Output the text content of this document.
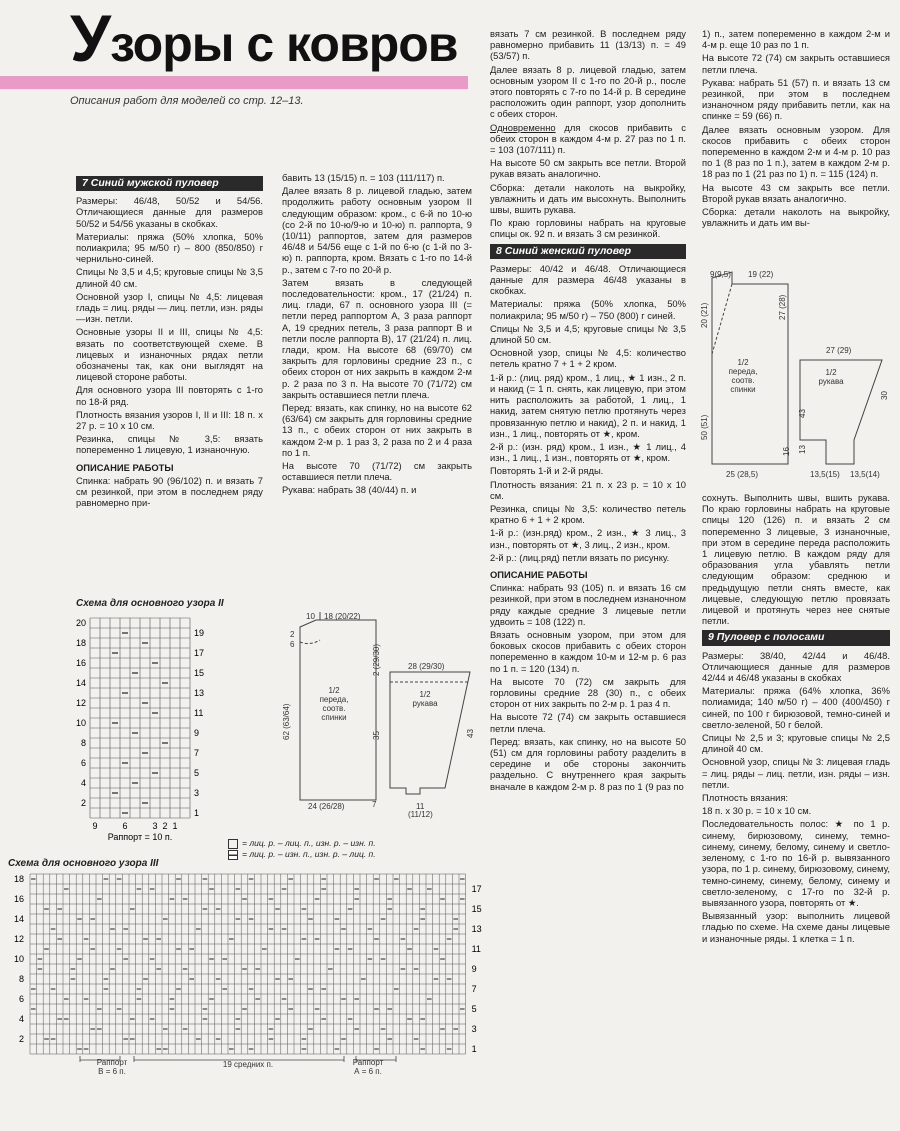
Узоры с ковров
Описания работ для моделей со стр. 12–13.
7 Синий мужской пуловер

Размеры: 46/48, 50/52 и 54/56. Отличающиеся данные для размеров 50/52 и 54/56 указаны в скобках.

Материалы: пряжа (50% хлопка, 50% полиакрила; 95 м/50 г) – 800 (850/850) г чернильно-синей.

Спицы № 3,5 и 4,5; круговые спицы № 3,5 длиной 40 см.

Основной узор I, спицы № 4,5: лицевая гладь = лиц. ряды — лиц. петли, изн. ряды —изн. петли.

Основные узоры II и III, спицы № 4,5: вязать по соответствующей схеме. В лицевых и изнаночных рядах петли обозначены так, как они выглядят на лицевой стороне работы.

Для основного узора III повторять с 1-го по 18-й ряд.

Плотность вязания узоров I, II и III: 18 п. х 27 р. = 10 х 10 см.

Резинка, спицы № 3,5: вязать попеременно 1 лицевую, 1 изнаночную.

ОПИСАНИЕ РАБОТЫ

Спинка: набрать 90 (96/102) п. и вязать 7 см резинкой, при этом в последнем ряду равномерно при-

бавить 13 (15/15) п. = 103 (111/117) п.

Далее вязать 8 р. лицевой гладью, затем продолжить работу основным узором II следующим образом: кром., с 6-й по 10-ю (со 2-й по 10-ю/9-ю и 10-ю) п. раппорта, 9 (10/11) раппортов, затем для размеров 46/48 и 54/56 еще с 1-й по 6-ю (с 1-й по 3-ю) п. раппорта, кром. Вязать с 1-го по 14-й р., затем с 7-го по 20-й р.

Затем вязать в следующей последовательности: кром., 17 (21/24) п. лиц. глади, 67 п. основного узора III (= петли перед раппортом А, 3 раза раппорт А, 19 средних петель, 3 раза раппорт В и петли после раппорта В), 17 (21/24) п. лиц. глади, кром. На высоте 68 (69/70) см закрыть для горловины средние 23 п., с обеих сторон от них закрыть в каждом 2-м р. 2 раза по 3 п. На высоте 70 (71/72) см закрыть оставшиеся петли плеча.

Перед: вязать, как спинку, но на высоте 62 (63/64) см закрыть для горловины средние 13 п., с обеих сторон от них закрыть в каждом 2-м р. 1 раз 3, 2 раза по 2 и 4 раза по 1 п.

На высоте 70 (71/72) см закрыть оставшиеся петли плеча.

Рукава: набрать 38 (40/44) п. и

вязать 7 см резинкой. В последнем ряду равномерно прибавить 11 (13/13) п. = 49 (53/57) п.

Далее вязать 8 р. лицевой гладью, затем основным узором II с 1-го по 20-й р., после этого повторять с 7-го по 14-й р. В середине расположить один раппорт, узор дополнить с обеих сторон.

Одновременно для скосов прибавить с обеих сторон в каждом 4-м р. 27 раз по 1 п. = 103 (107/111) п.

На высоте 50 см закрыть все петли. Второй рукав вязать аналогично.

Сборка: детали наколоть на выкройку, увлажнить и дать им высохнуть. Выполнить швы, вшить рукава.

По краю горловины набрать на круговые спицы ок. 92 п. и вязать 3 см резинкой.

8 Синий женский пуловер

Размеры: 40/42 и 46/48. Отличающиеся данные для размера 46/48 указаны в скобках.

Материалы: пряжа (50% хлопка, 50% полиакрила; 95 м/50 г) – 750 (800) г синей.

Спицы № 3,5 и 4,5; круговые спицы № 3,5 длиной 50 см.

Основной узор, спицы № 4,5: количество петель кратно 7 + 1 + 2 кром.

1-й р.: (лиц. ряд) кром., 1 лиц., ★ 1 изн., 2 п. и накид (= 1 п. снять, как лицевую, при этом нить расположить за работой, 1 лиц., 1 накид, затем снятую петлю протянуть через провязанную петлю и накид), 2 п. и накид, 1 изн., 1 лиц., повторять от ★, кром.

2-й р.: (изн. ряд) кром., 1 изн., ★ 1 лиц., 4 изн., 1 лиц., 1 изн., повторять от ★, кром.

Повторять 1-й и 2-й ряды.

Плотность вязания: 21 п. х 23 р. = 10 х 10 см.

Резинка, спицы № 3,5: количество петель кратно 6 + 1 + 2 кром.

1-й р.: (изн.ряд) кром., 2 изн., ★ 3 лиц., 3 изн., повторять от ★, 3 лиц., 2 изн., кром.

2-й р.: (лиц.ряд) петли вязать по рисунку.

ОПИСАНИЕ РАБОТЫ

Спинка: набрать 93 (105) п. и вязать 16 см резинкой, при этом в последнем изнаночном ряду каждые средние 3 лицевые петли удвоить = 108 (122) п.

Вязать основным узором, при этом для боковых скосов прибавить с обеих сторон попеременно в каждом 10-м и 12-м р. 6 раз по 1 п. = 120 (134) п.

На высоте 70 (72) см закрыть для горловины средние 28 (30) п., с обеих сторон от них закрыть по 2-м р. 1 раз 4 п.

На высоте 72 (74) см закрыть оставшиеся петли плеча.

Перед: вязать, как спинку, но на высоте 50 (51) см для горловины работу разделить в середине и обе стороны закончить раздельно. С внутреннего края закрыть вначале в каждом 2-м р. 8 раз по 1 (9 раз по

1) п., затем попеременно в каждом 2-м и 4-м р. еще 10 раз по 1 п.

На высоте 72 (74) см закрыть оставшиеся петли плеча.

Рукава: набрать 51 (57) п. и вязать 13 см резинкой, при этом в последнем изнаночном ряду прибавить петли, как на спинке = 59 (66) п.

Далее вязать основным узором. Для скосов прибавить с обеих сторон попеременно в каждом 2-м и 4-м р. 10 раз по 1 (8 раз по 1 п.), затем в каждом 2-м р. 18 раз по 1 (21 раз по 1) п. = 115 (124) п.

На высоте 43 см закрыть все петли. Второй рукав вязать аналогично.

Сборка: детали наколоть на выкройку, увлажнить и дать им вы-

сохнуть. Выполнить швы, вшить рукава. По краю горловины набрать на круговые спицы 120 (126) п. и вязать 2 см попеременно 3 лицевые, 3 изнаночные, при этом в середине переда расположить 1 лицевую петлю. В каждом ряду для образования угла убавлять петли следующим образом: среднюю и предыдущую петли снять вместе, как лицевые, следующую петлю провязать лицевой и протянуть через нее снятые петли.

9 Пуловер с полосами

Размеры: 38/40, 42/44 и 46/48. Отличающиеся данные для размеров 42/44 и 46/48 указаны в скобках

Материалы: пряжа (64% хлопка, 36% полиамида; 140 м/50 г) – 400 (400/450) г синей, по 100 г бирюзовой, темно-синей и светло-зеленой, 50 г белой.

Спицы № 2,5 и 3; круговые спицы № 2,5 длиной 40 см.

Основной узор, спицы № 3: лицевая гладь = лиц. ряды – лиц. петли, изн. ряды – изн. петли.

Плотность вязания:

18 п. х 30 р. = 10 х 10 см.

Последовательность полос: ★ по 1 р. синему, бирюзовому, синему, темно-синему, синему, белому, синему и светло-зеленому, с 1-го по 16-й р. вывязанного узора, по 1 р. синему, бирюзовому, синему, темно-синему, синему, белому, синему и светло-зеленому, с 17-го по 32-й р. вывязанного узора, повторять от ★.

Вывязанный узор: выполнить лицевой гладью по схеме. На схеме даны лицевые и изнаночные ряды. 1 клетка = 1 п.

Схема для основного узора II
20
18
16
14
12
10
8
6
4
2
19
17
15
13
11
9
7
5
3
1
9	6	3 2 1
Раппорт = 10 п.
= лиц. р. – лиц. п., изн. р. – изн. п.
= лиц. р. – изн. п., изн. р. – лиц. п.
Схема для основного узора III
18
16
14
12
10
8
6
4
2
17
15
13
11
9
7
5
3
1
Раппорт
В = 6 п.
19 средних п.	Раппорт
А = 6 п.
1/2
переда,
соотв.
спинки
1/2
рукава
10 18 (20/22)
62 (63/64)	35
24 (26/28)	7
28 (29/30)
43
11
(11/12)
2 (29/30)
6
2
1/2
переда,
соотв.
спинки
1/2
рукава
9(9,5) 19 (22)
27 (28)
20 (21)
50 (51)
16
25 (28,5)
27 (29)
30
43
13
13,5(15) 13,5(14)
